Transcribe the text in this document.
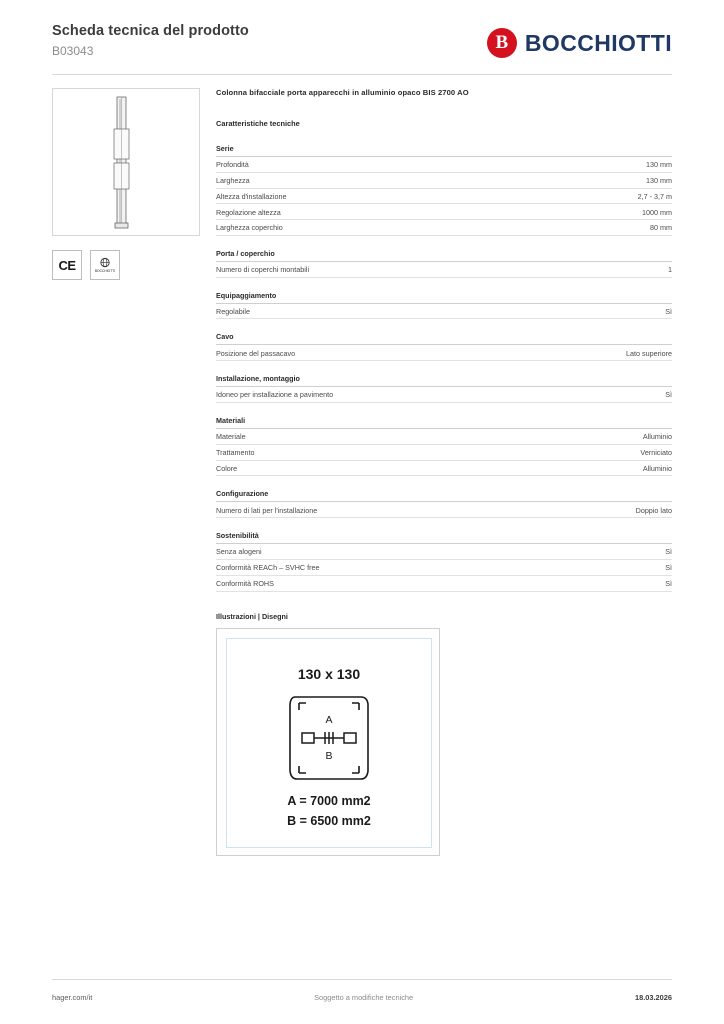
Scheda tecnica del prodotto
B03043	B BOCCHIOTTI
CE	BOCCHIOTTI
Colonna bifacciale porta apparecchi in alluminio opaco BIS 2700 AO
Caratteristiche tecniche
Serie
Profondità	130 mm
Larghezza	130 mm
Altezza d'installazione	2,7 - 3,7 m
Regolazione altezza	1000 mm
Larghezza coperchio	80 mm
Porta / coperchio
Numero di coperchi montabili	1
Equipaggiamento
Regolabile	Sì
Cavo
Posizione del passacavo	Lato superiore
Installazione, montaggio
Idoneo per installazione a pavimento	Sì
Materiali
Materiale	Alluminio
Trattamento	Verniciato
Colore	Alluminio
Configurazione
Numero di lati per l'installazione	Doppio lato
Sostenibilità
Senza alogeni	Sì
Conformità REACh – SVHC free	Sì
Conformità ROHS	Sì
Illustrazioni | Disegni
130 x 130
A
B
A = 7000 mm2
B = 6500 mm2
hager.com/it	Soggetto a modifiche tecniche	18.03.2026
